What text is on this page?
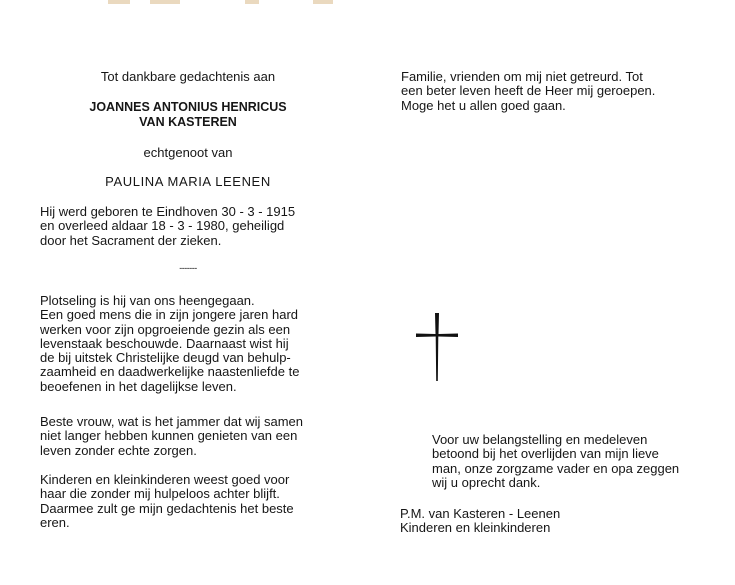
Tot dankbare gedachtenis aan

JOANNES ANTONIUS HENRICUS

VAN KASTEREN

echtgenoot van

PAULINA MARIA LEENEN

Hij werd geboren te Eindhoven 30 - 3 - 1915

en overleed aldaar 18 - 3 - 1980, geheiligd

door het Sacrament der zieken.

-------

Plotseling is hij van ons heengegaan.

Een goed mens die in zijn jongere jaren hard

werken voor zijn opgroeiende gezin als een

levenstaak beschouwde. Daarnaast wist hij

de bij uitstek Christelijke deugd van behulp-

zaamheid en daadwerkelijke naastenliefde te

beoefenen in het dagelijkse leven.

Beste vrouw, wat is het jammer dat wij samen

niet langer hebben kunnen genieten van een

leven zonder echte zorgen.

Kinderen en kleinkinderen weest goed voor

haar die zonder mij hulpeloos achter blijft.

Daarmee zult ge mijn gedachtenis het beste

eren.

Familie, vrienden om mij niet getreurd. Tot

een beter leven heeft de Heer mij geroepen.

Moge het u allen goed gaan.

Voor uw belangstelling en medeleven

betoond bij het overlijden van mijn lieve

man, onze zorgzame vader en opa zeggen

wij u oprecht dank.

P.M. van Kasteren - Leenen

Kinderen en kleinkinderen
